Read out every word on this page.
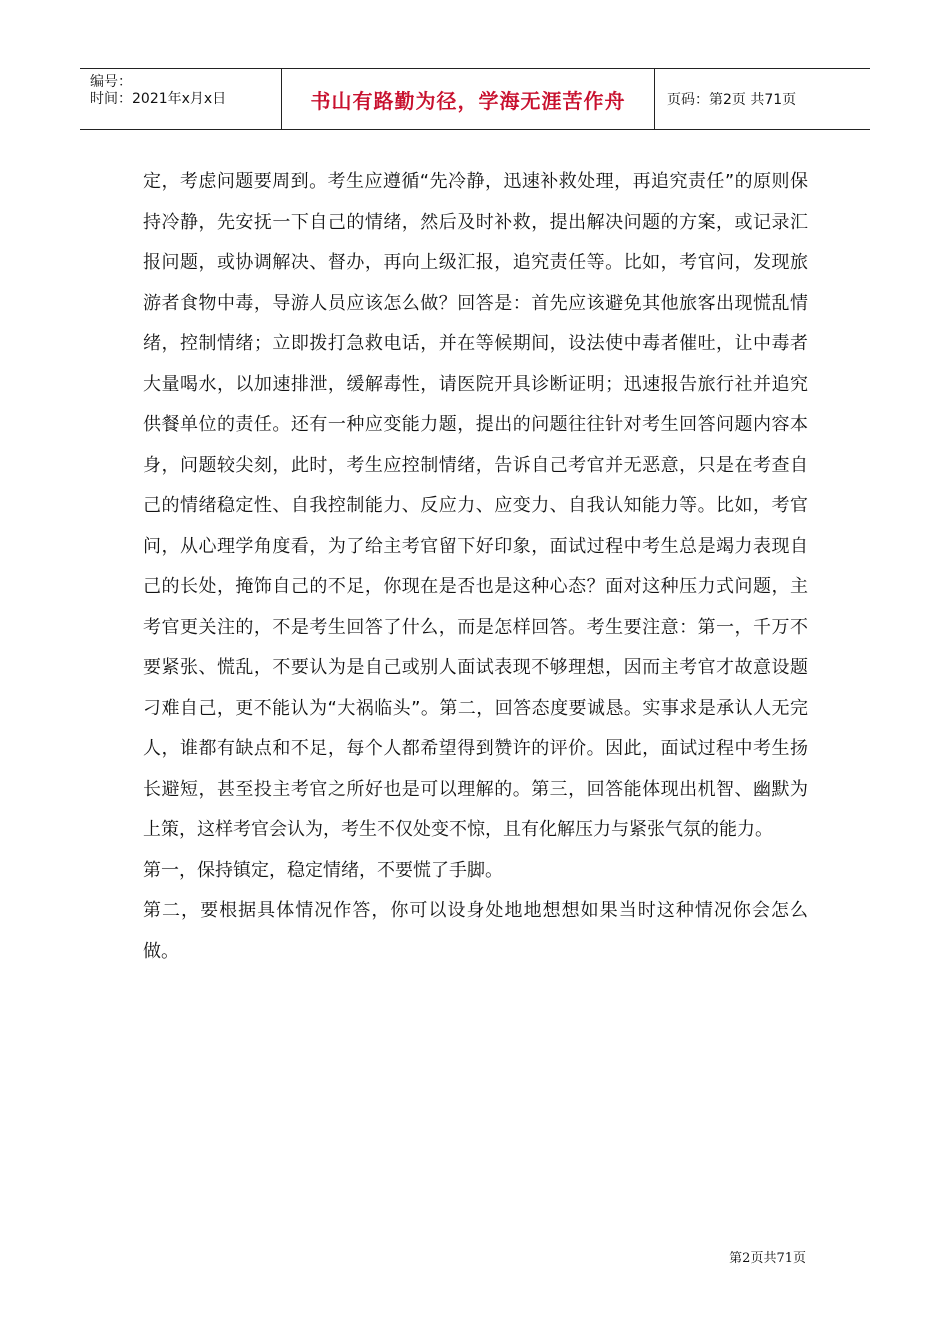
编号：
时间：2021年x月x日	书山有路勤为径，学海无涯苦作舟	页码：第2页 共71页

定，考虑问题要周到。考生应遵循“先冷静，迅速补救处理，再追究责任”的原则保持冷静，先安抚一下自己的情绪，然后及时补救，提出解决问题的方案，或记录汇报问题，或协调解决、督办，再向上级汇报，追究责任等。比如，考官问，发现旅游者食物中毒，导游人员应该怎么做？回答是：首先应该避免其他旅客出现慌乱情绪，控制情绪；立即拨打急救电话，并在等候期间，设法使中毒者催吐，让中毒者大量喝水，以加速排泄，缓解毒性，请医院开具诊断证明；迅速报告旅行社并追究供餐单位的责任。还有一种应变能力题，提出的问题往往针对考生回答问题内容本身，问题较尖刻，此时，考生应控制情绪，告诉自己考官并无恶意，只是在考查自己的情绪稳定性、自我控制能力、反应力、应变力、自我认知能力等。比如，考官问，从心理学角度看，为了给主考官留下好印象，面试过程中考生总是竭力表现自己的长处，掩饰自己的不足，你现在是否也是这种心态？面对这种压力式问题，主考官更关注的，不是考生回答了什么，而是怎样回答。考生要注意：第一，千万不要紧张、慌乱，不要认为是自己或别人面试表现不够理想，因而主考官才故意设题刁难自己，更不能认为“大祸临头”。第二，回答态度要诚恳。实事求是承认人无完人，谁都有缺点和不足，每个人都希望得到赞许的评价。因此，面试过程中考生扬长避短，甚至投主考官之所好也是可以理解的。第三，回答能体现出机智、幽默为上策，这样考官会认为，考生不仅处变不惊，且有化解压力与紧张气氛的能力。

第一，保持镇定，稳定情绪，不要慌了手脚。

第二，要根据具体情况作答，你可以设身处地地想想如果当时这种情况你会怎么做。

第2页共71页
